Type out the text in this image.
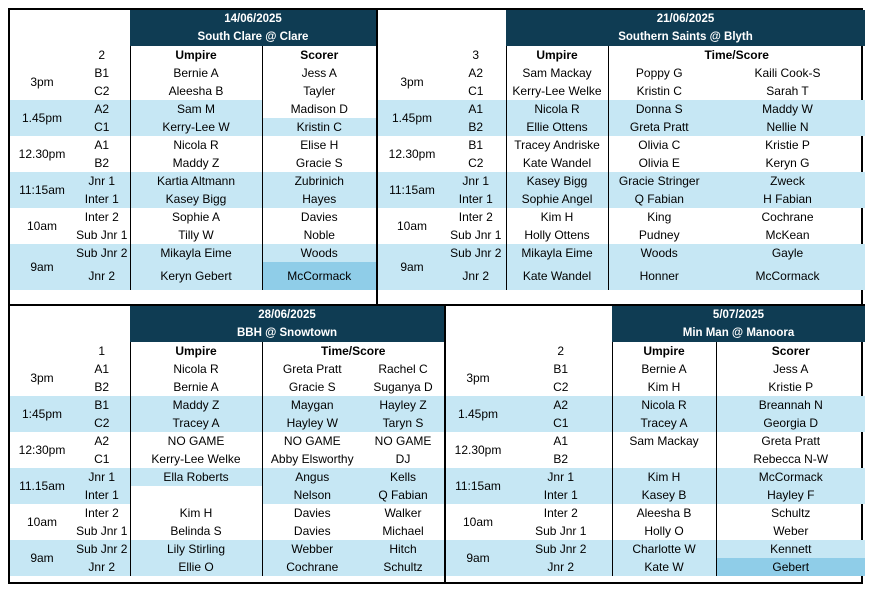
		14/06/2025	
		South Clare @ Clare	
	2	Umpire	Scorer
3pm	B1	Bernie A	Jess A
	C2	Aleesha B	Tayler
1.45pm	A2	Sam M	Madison D
	C1	Kerry-Lee W	Kristin C
12.30pm	A1	Nicola R	Elise H
	B2	Maddy Z	Gracie S
11:15am	Jnr 1	Kartia Altmann	Zubrinich
	Inter 1	Kasey Bigg	Hayes
10am	Inter 2	Sophie A	Davies
	Sub Jnr 1	Tilly W	Noble
9am	Sub Jnr 2	Mikayla Eime	Woods
	Jnr 2	Keryn Gebert	McCormack
		21/06/2025		
		Southern Saints @ Blyth		
	3	Umpire	Time/Score	
3pm	A2	Sam Mackay	Poppy G	Kaili Cook-S
	C1	Kerry-Lee Welke	Kristin C	Sarah T
1.45pm	A1	Nicola R	Donna S	Maddy W
	B2	Ellie Ottens	Greta Pratt	Nellie N
12.30pm	B1	Tracey Andriske	Olivia C	Kristie P
	C2	Kate Wandel	Olivia E	Keryn G
11:15am	Jnr 1	Kasey Bigg	Gracie Stringer	Zweck
	Inter 1	Sophie Angel	Q Fabian	H Fabian
10am	Inter 2	Kim H	King	Cochrane
	Sub Jnr 1	Holly Ottens	Pudney	McKean
9am	Sub Jnr 2	Mikayla Eime	Woods	Gayle
	Jnr 2	Kate Wandel	Honner	McCormack
		28/06/2025		
		BBH @ Snowtown		
	1	Umpire	Time/Score	
3pm	A1	Nicola R	Greta Pratt	Rachel C
	B2	Bernie A	Gracie S	Suganya D
1:45pm	B1	Maddy Z	Maygan	Hayley Z
	C2	Tracey A	Hayley W	Taryn S
12:30pm	A2	NO GAME	NO GAME	NO GAME
	C1	Kerry-Lee Welke	Abby Elsworthy	DJ
11.15am	Jnr 1	Ella Roberts	Angus	Kells
	Inter 1		Nelson	Q Fabian
10am	Inter 2	Kim H	Davies	Walker
	Sub Jnr 1	Belinda S	Davies	Michael
9am	Sub Jnr 2	Lily Stirling	Webber	Hitch
	Jnr 2	Ellie O	Cochrane	Schultz
		5/07/2025	
		Min Man @ Manoora	
	2	Umpire	Scorer
3pm	B1	Bernie A	Jess A
	C2	Kim H	Kristie P
1.45pm	A2	Nicola R	Breannah N
	C1	Tracey A	Georgia D
12.30pm	A1	Sam Mackay	Greta Pratt
	B2		Rebecca N-W
11:15am	Jnr 1	Kim H	McCormack
	Inter 1	Kasey B	Hayley F
10am	Inter 2	Aleesha B	Schultz
	Sub Jnr 1	Holly O	Weber
9am	Sub Jnr 2	Charlotte W	Kennett
	Jnr 2	Kate W	Gebert
